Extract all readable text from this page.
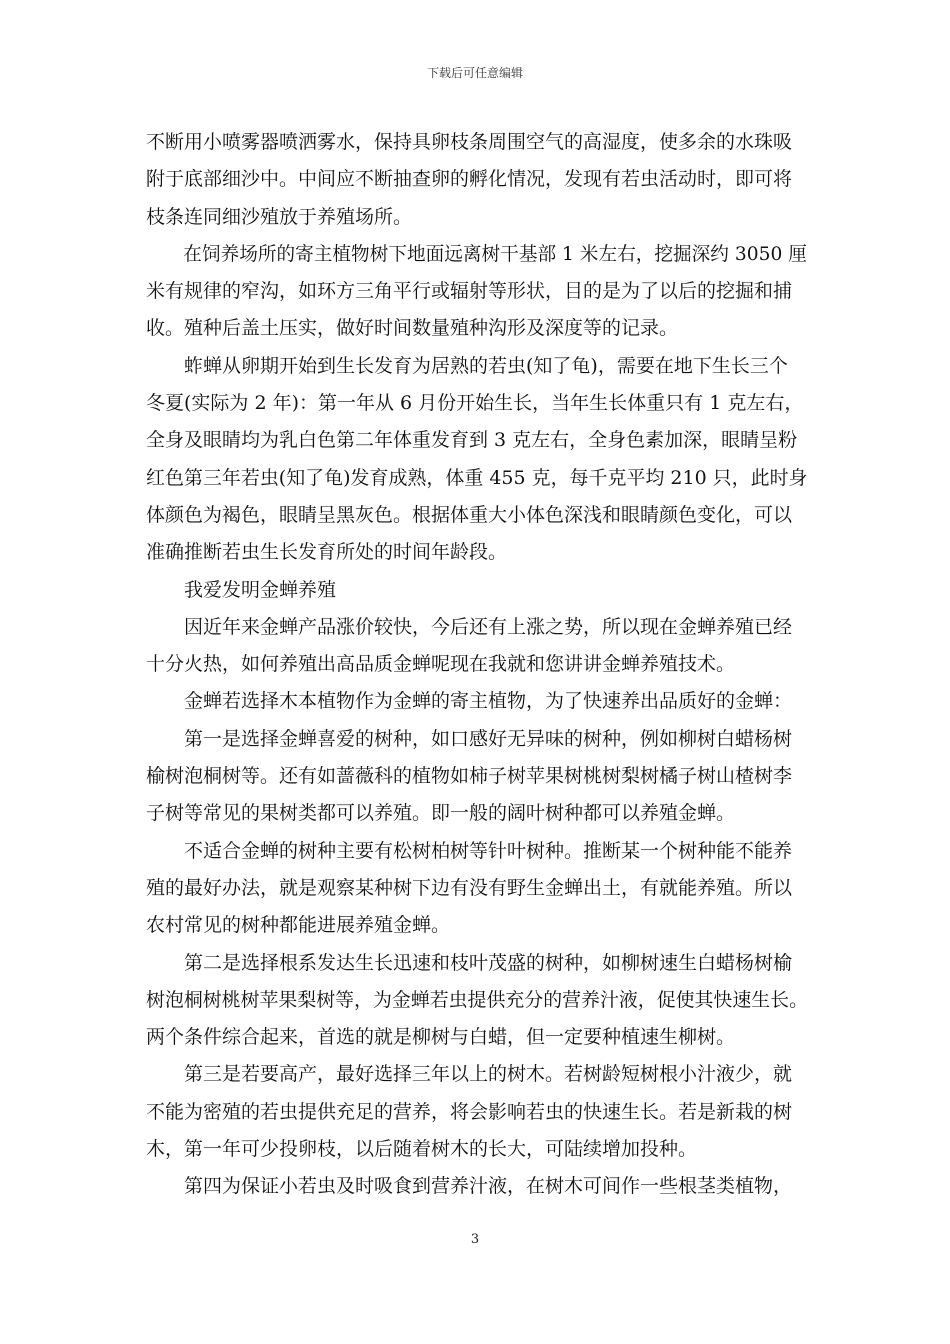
下载后可任意编辑
不断用小喷雾器喷洒雾水，保持具卵枝条周围空气的高湿度，使多余的水珠吸
附于底部细沙中。中间应不断抽查卵的孵化情况，发现有若虫活动时，即可将
枝条连同细沙殖放于养殖场所。
在饲养场所的寄主植物树下地面远离树干基部 1 米左右，挖掘深约 3050 厘
米有规律的窄沟，如环方三角平行或辐射等形状，目的是为了以后的挖掘和捕
收。殖种后盖土压实，做好时间数量殖种沟形及深度等的记录。
蚱蝉从卵期开始到生长发育为居熟的若虫(知了龟)，需要在地下生长三个
冬夏(实际为 2 年)：第一年从 6 月份开始生长，当年生长体重只有 1 克左右，
全身及眼睛均为乳白色第二年体重发育到 3 克左右，全身色素加深，眼睛呈粉
红色第三年若虫(知了龟)发育成熟，体重 455 克，每千克平均 210 只，此时身
体颜色为褐色，眼睛呈黑灰色。根据体重大小体色深浅和眼睛颜色变化，可以
准确推断若虫生长发育所处的时间年龄段。
我爱发明金蝉养殖
因近年来金蝉产品涨价较快，今后还有上涨之势，所以现在金蝉养殖已经
十分火热，如何养殖出高品质金蝉呢现在我就和您讲讲金蝉养殖技术。
金蝉若选择木本植物作为金蝉的寄主植物，为了快速养出品质好的金蝉：
第一是选择金蝉喜爱的树种，如口感好无异味的树种，例如柳树白蜡杨树
榆树泡桐树等。还有如蔷薇科的植物如柿子树苹果树桃树梨树橘子树山楂树李
子树等常见的果树类都可以养殖。即一般的阔叶树种都可以养殖金蝉。
不适合金蝉的树种主要有松树柏树等针叶树种。推断某一个树种能不能养
殖的最好办法，就是观察某种树下边有没有野生金蝉出土，有就能养殖。所以
农村常见的树种都能进展养殖金蝉。
第二是选择根系发达生长迅速和枝叶茂盛的树种，如柳树速生白蜡杨树榆
树泡桐树桃树苹果梨树等，为金蝉若虫提供充分的营养汁液，促使其快速生长。
两个条件综合起来，首选的就是柳树与白蜡，但一定要种植速生柳树。
第三是若要高产，最好选择三年以上的树木。若树龄短树根小汁液少，就
不能为密殖的若虫提供充足的营养，将会影响若虫的快速生长。若是新栽的树
木，第一年可少投卵枝，以后随着树木的长大，可陆续增加投种。
第四为保证小若虫及时吸食到营养汁液，在树木可间作一些根茎类植物，
3
